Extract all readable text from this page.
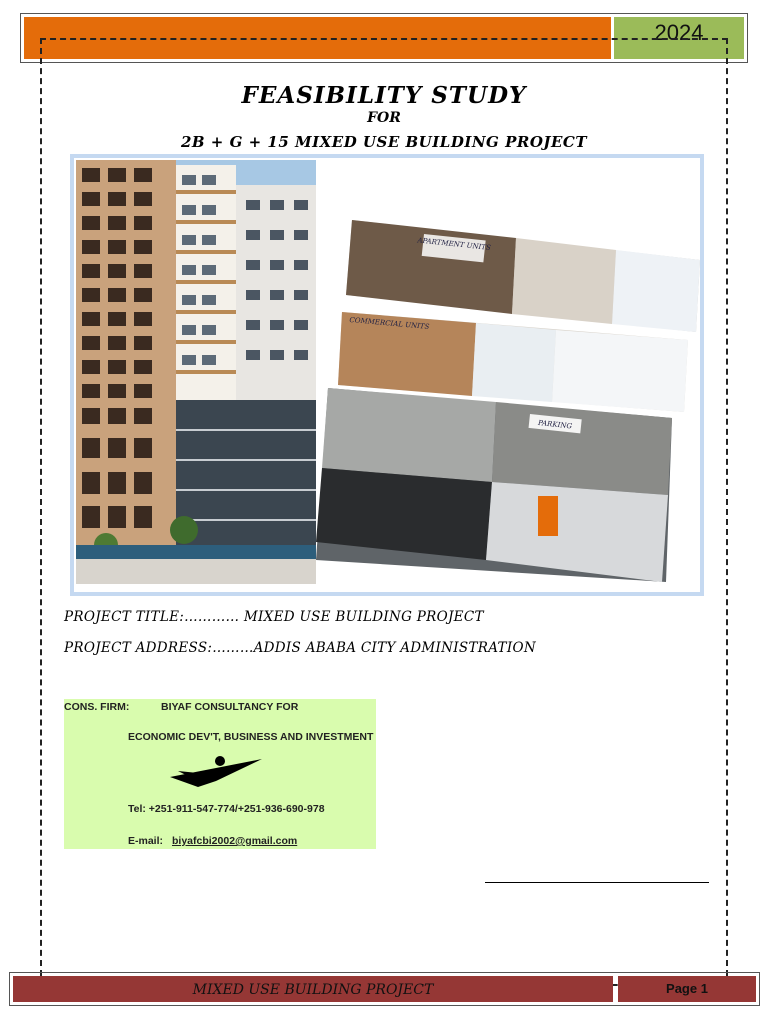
2024
FEASIBILITY STUDY
FOR
2B + G + 15 MIXED USE BUILDING PROJECT
APARTMENT UNITS
COMMERCIAL UNITS
PARKING
PROJECT TITLE:………… MIXED USE BUILDING PROJECT
PROJECT ADDRESS:………ADDIS ABABA CITY ADMINISTRATION
CONS. FIRM:	BIYAF CONSULTANCY FOR
ECONOMIC DEV'T, BUSINESS AND INVESTMENT
Tel: +251-911-547-774/+251-936-690-978
E-mail: biyafcbi2002@gmail.com
MIXED USE BUILDING PROJECT	Page 1
